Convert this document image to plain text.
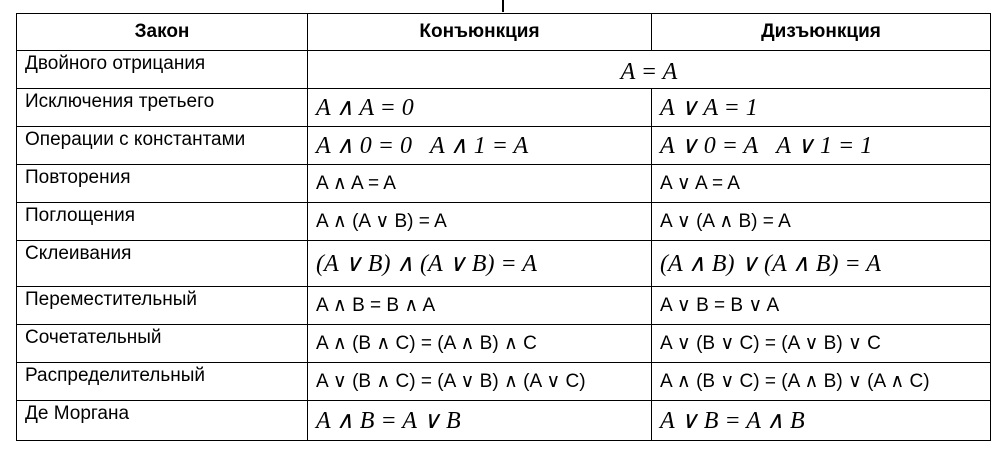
Закон	Конъюнкция	Дизъюнкция
Двойного отрицания	A = A	
Исключения третьего	A ∧ A = 0	A ∨ A = 1
Операции с константами	A ∧ 0 = 0 A ∧ 1 = A	A ∨ 0 = A A ∨ 1 = 1
Повторения	A ∧ A = A	A ∨ A = A
Поглощения	A ∧ (A ∨ B) = A	A ∨ (A ∧ B) = A
Склеивания	(A ∨ B) ∧ (A ∨ B) = A	(A ∧ B) ∨ (A ∧ B) = A
Переместительный	A ∧ B = B ∧ A	A ∨ B = B ∨ A
Сочетательный	A ∧ (B ∧ C) = (A ∧ B) ∧ C	A ∨ (B ∨ C) = (A ∨ B) ∨ C
Распределительный	A ∨ (B ∧ C) = (A ∨ B) ∧ (A ∨ C)	A ∧ (B ∨ C) = (A ∧ B) ∨ (A ∧ C)
Де Моргана	A ∧ B = A ∨ B	A ∨ B = A ∧ B
